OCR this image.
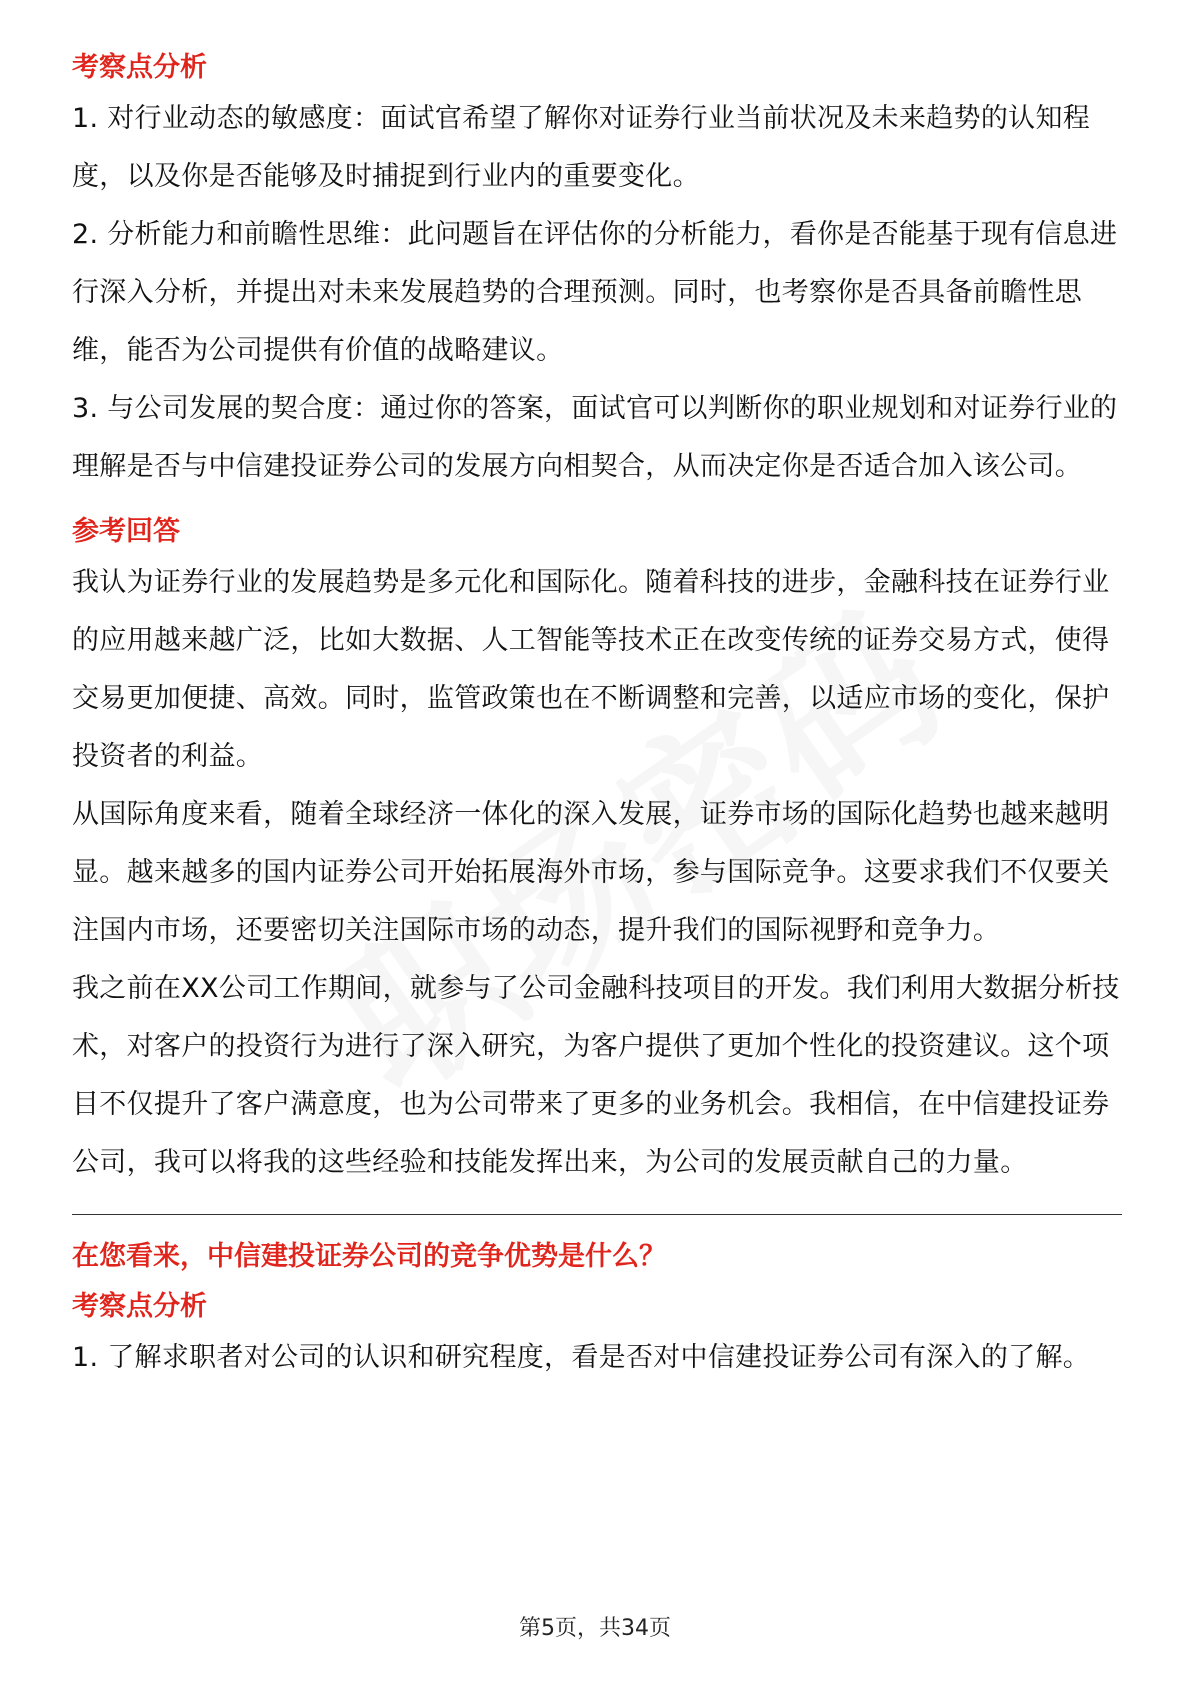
考察点分析

1. 对行业动态的敏感度：面试官希望了解你对证券行业当前状况及未来趋势的认知程度，以及你是否能够及时捕捉到行业内的重要变化。

2. 分析能力和前瞻性思维：此问题旨在评估你的分析能力，看你是否能基于现有信息进行深入分析，并提出对未来发展趋势的合理预测。同时，也考察你是否具备前瞻性思维，能否为公司提供有价值的战略建议。

3. 与公司发展的契合度：通过你的答案，面试官可以判断你的职业规划和对证券行业的理解是否与中信建投证券公司的发展方向相契合，从而决定你是否适合加入该公司。

参考回答

我认为证券行业的发展趋势是多元化和国际化。随着科技的进步，金融科技在证券行业的应用越来越广泛，比如大数据、人工智能等技术正在改变传统的证券交易方式，使得交易更加便捷、高效。同时，监管政策也在不断调整和完善，以适应市场的变化，保护投资者的利益。

从国际角度来看，随着全球经济一体化的深入发展，证券市场的国际化趋势也越来越明显。越来越多的国内证券公司开始拓展海外市场，参与国际竞争。这要求我们不仅要关注国内市场，还要密切关注国际市场的动态，提升我们的国际视野和竞争力。

我之前在XX公司工作期间，就参与了公司金融科技项目的开发。我们利用大数据分析技术，对客户的投资行为进行了深入研究，为客户提供了更加个性化的投资建议。这个项目不仅提升了客户满意度，也为公司带来了更多的业务机会。我相信，在中信建投证券公司，我可以将我的这些经验和技能发挥出来，为公司的发展贡献自己的力量。

在您看来，中信建投证券公司的竞争优势是什么？
考察点分析

1. 了解求职者对公司的认识和研究程度，看是否对中信建投证券公司有深入的了解。

第5页，共34页
